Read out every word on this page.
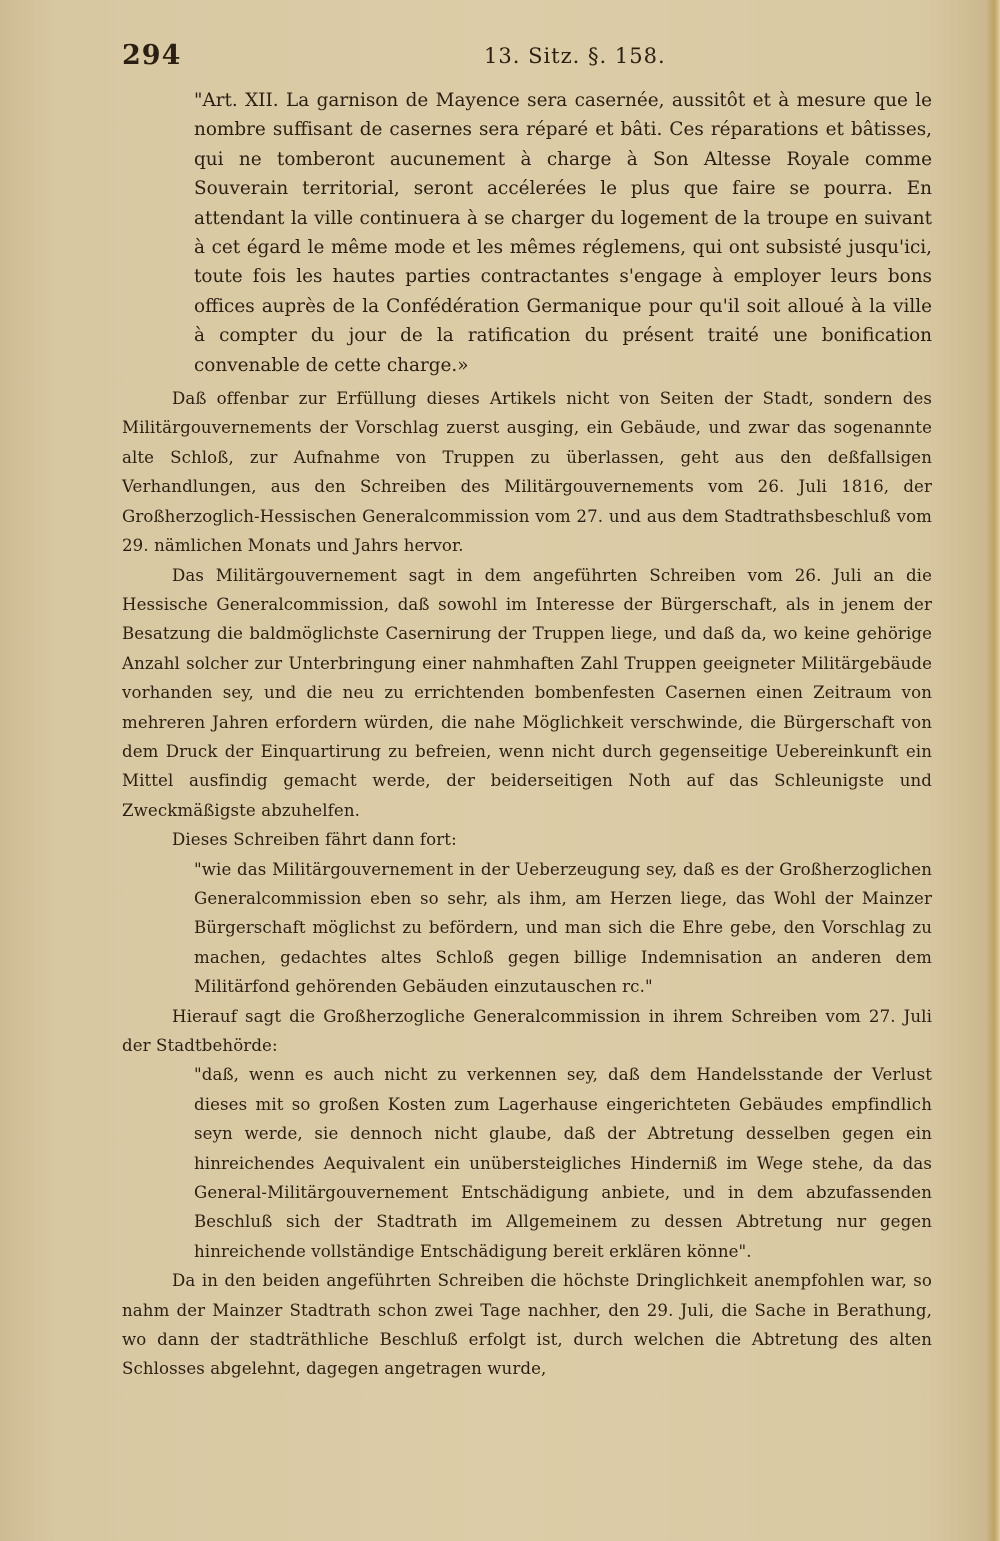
294	13. Sitz. §. 158.

"Art. XII. La garnison de Mayence sera casernée, aussitôt et à mesure que le nombre suffisant de casernes sera réparé et bâti. Ces réparations et bâtisses, qui ne tomberont aucunement à charge à Son Altesse Royale comme Souverain territorial, seront accélerées le plus que faire se pourra. En attendant la ville continuera à se charger du logement de la troupe en suivant à cet égard le même mode et les mêmes réglemens, qui ont subsisté jusqu'ici, toute fois les hautes parties contractantes s'engage à employer leurs bons offices auprès de la Confédération Germanique pour qu'il soit alloué à la ville à compter du jour de la ratification du présent traité une bonification convenable de cette charge.»

Daß offenbar zur Erfüllung dieses Artikels nicht von Seiten der Stadt, sondern des Militärgouvernements der Vorschlag zuerst ausging, ein Gebäude, und zwar das sogenannte alte Schloß, zur Aufnahme von Truppen zu überlassen, geht aus den deßfallsigen Verhandlungen, aus den Schreiben des Militärgouvernements vom 26. Juli 1816, der Großherzoglich-Hessischen Generalcommission vom 27. und aus dem Stadtrathsbeschluß vom 29. nämlichen Monats und Jahrs hervor.

Das Militärgouvernement sagt in dem angeführten Schreiben vom 26. Juli an die Hessische Generalcommission, daß sowohl im Interesse der Bürgerschaft, als in jenem der Besatzung die baldmöglichste Casernirung der Truppen liege, und daß da, wo keine gehörige Anzahl solcher zur Unterbringung einer nahmhaften Zahl Truppen geeigneter Militärgebäude vorhanden sey, und die neu zu errichtenden bombenfesten Casernen einen Zeitraum von mehreren Jahren erfordern würden, die nahe Möglichkeit verschwinde, die Bürgerschaft von dem Druck der Einquartirung zu befreien, wenn nicht durch gegenseitige Uebereinkunft ein Mittel ausfindig gemacht werde, der beiderseitigen Noth auf das Schleunigste und Zweckmäßigste abzuhelfen.

Dieses Schreiben fährt dann fort:

"wie das Militärgouvernement in der Ueberzeugung sey, daß es der Großherzoglichen Generalcommission eben so sehr, als ihm, am Herzen liege, das Wohl der Mainzer Bürgerschaft möglichst zu befördern, und man sich die Ehre gebe, den Vorschlag zu machen, gedachtes altes Schloß gegen billige Indemnisation an anderen dem Militärfond gehörenden Gebäuden einzutauschen rc."

Hierauf sagt die Großherzogliche Generalcommission in ihrem Schreiben vom 27. Juli der Stadtbehörde:

"daß, wenn es auch nicht zu verkennen sey, daß dem Handelsstande der Verlust dieses mit so großen Kosten zum Lagerhause eingerichteten Gebäudes empfindlich seyn werde, sie dennoch nicht glaube, daß der Abtretung desselben gegen ein hinreichendes Aequivalent ein unübersteigliches Hinderniß im Wege stehe, da das General-Militärgouvernement Entschädigung anbiete, und in dem abzufassenden Beschluß sich der Stadtrath im Allgemeinem zu dessen Abtretung nur gegen hinreichende vollständige Entschädigung bereit erklären könne".

Da in den beiden angeführten Schreiben die höchste Dringlichkeit anempfohlen war, so nahm der Mainzer Stadtrath schon zwei Tage nachher, den 29. Juli, die Sache in Berathung, wo dann der stadträthliche Beschluß erfolgt ist, durch welchen die Abtretung des alten Schlosses abgelehnt, dagegen angetragen wurde,
